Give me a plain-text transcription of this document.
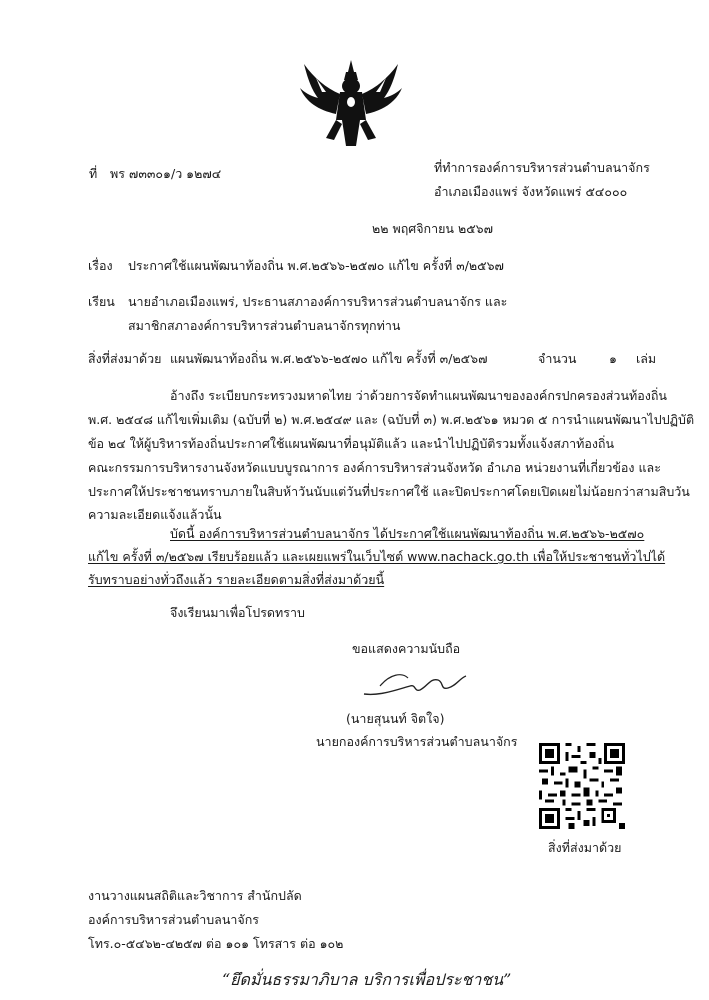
ที่ พร ๗๓๓๐๑/ว ๑๒๗๔	ที่ทำการองค์การบริหารส่วนตำบลนาจักร
อำเภอเมืองแพร่ จังหวัดแพร่ ๕๔๐๐๐
๒๒ พฤศจิกายน ๒๕๖๗
เรื่อง ประกาศใช้แผนพัฒนาท้องถิ่น พ.ศ.๒๕๖๖-๒๕๗๐ แก้ไข ครั้งที่ ๓/๒๕๖๗
เรียน นายอำเภอเมืองแพร่, ประธานสภาองค์การบริหารส่วนตำบลนาจักร และ
สมาชิกสภาองค์การบริหารส่วนตำบลนาจักรทุกท่าน
สิ่งที่ส่งมาด้วย แผนพัฒนาท้องถิ่น พ.ศ.๒๕๖๖-๒๕๗๐ แก้ไข ครั้งที่ ๓/๒๕๖๗	จำนวน	๑ เล่ม
อ้างถึง ระเบียบกระทรวงมหาดไทย ว่าด้วยการจัดทำแผนพัฒนาขององค์กรปกครองส่วนท้องถิ่น
พ.ศ. ๒๕๔๘ แก้ไขเพิ่มเติม (ฉบับที่ ๒) พ.ศ.๒๕๔๙ และ (ฉบับที่ ๓) พ.ศ.๒๕๖๑ หมวด ๕ การนำแผนพัฒนาไปปฏิบัติ
ข้อ ๒๔ ให้ผู้บริหารท้องถิ่นประกาศใช้แผนพัฒนาที่อนุมัติแล้ว และนำไปปฏิบัติรวมทั้งแจ้งสภาท้องถิ่น
คณะกรรมการบริหารงานจังหวัดแบบบูรณาการ องค์การบริหารส่วนจังหวัด อำเภอ หน่วยงานที่เกี่ยวข้อง และ
ประกาศให้ประชาชนทราบภายในสิบห้าวันนับแต่วันที่ประกาศใช้ และปิดประกาศโดยเปิดเผยไม่น้อยกว่าสามสิบวัน
ความละเอียดแจ้งแล้วนั้น
บัดนี้ องค์การบริหารส่วนตำบลนาจักร ได้ประกาศใช้แผนพัฒนาท้องถิ่น พ.ศ.๒๕๖๖-๒๕๗๐
แก้ไข ครั้งที่ ๓/๒๕๖๗ เรียบร้อยแล้ว และเผยแพร่ในเว็บไซต์ www.nachack.go.th เพื่อให้ประชาชนทั่วไปได้
รับทราบอย่างทั่วถึงแล้ว รายละเอียดตามสิ่งที่ส่งมาด้วยนี้
จึงเรียนมาเพื่อโปรดทราบ
ขอแสดงความนับถือ
(นายสุนนท์ จิตใจ)
นายกองค์การบริหารส่วนตำบลนาจักร
สิ่งที่ส่งมาด้วย
งานวางแผนสถิติและวิชาการ สำนักปลัด
องค์การบริหารส่วนตำบลนาจักร
โทร.๐-๕๔๖๒-๔๒๕๗ ต่อ ๑๐๑ โทรสาร ต่อ ๑๐๒
“ยึดมั่นธรรมาภิบาล บริการเพื่อประชาชน”
